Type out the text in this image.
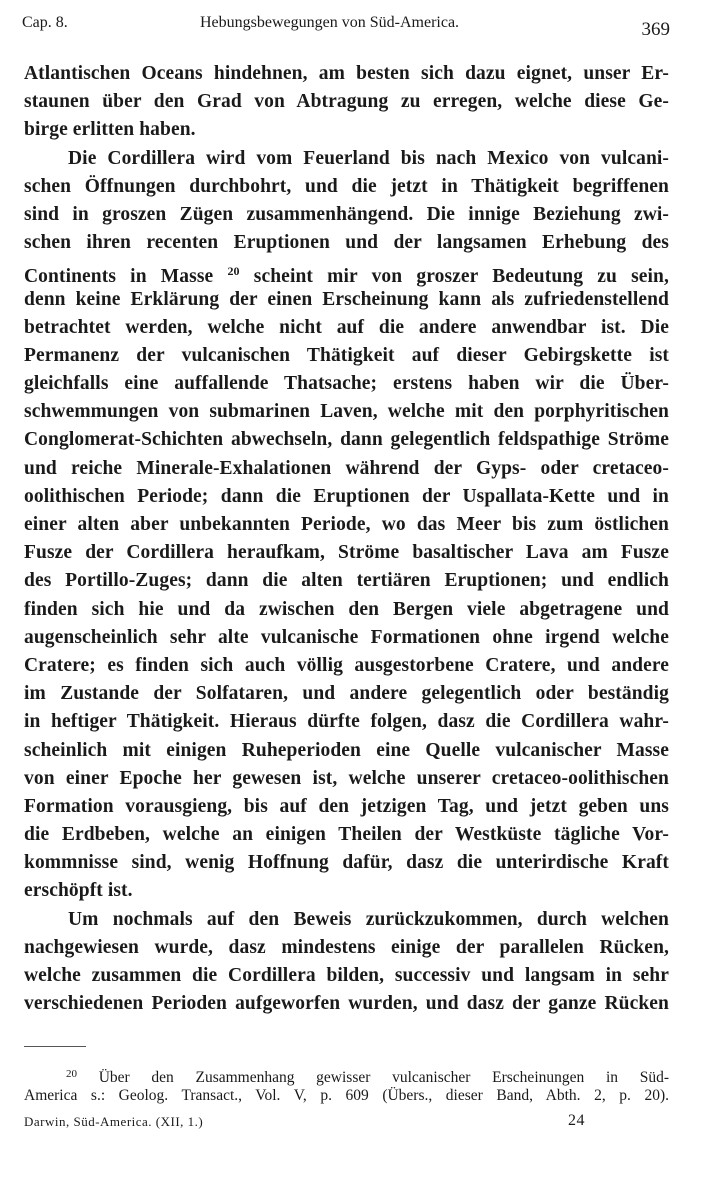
Cap. 8.	Hebungsbewegungen von Süd-America.	369
Atlantischen Oceans hindehnen, am besten sich dazu eignet, unser Er-
staunen über den Grad von Abtragung zu erregen, welche diese Ge-
birge erlitten haben.
Die Cordillera wird vom Feuerland bis nach Mexico von vulcani-
schen Öffnungen durchbohrt, und die jetzt in Thätigkeit begriffenen
sind in groszen Zügen zusammenhängend. Die innige Beziehung zwi-
schen ihren recenten Eruptionen und der langsamen Erhebung des
Continents in Masse $^{20}$ scheint mir von groszer Bedeutung zu sein,
denn keine Erklärung der einen Erscheinung kann als zufriedenstellend
betrachtet werden, welche nicht auf die andere anwendbar ist. Die
Permanenz der vulcanischen Thätigkeit auf dieser Gebirgskette ist
gleichfalls eine auffallende Thatsache; erstens haben wir die Über-
schwemmungen von submarinen Laven, welche mit den porphyritischen
Conglomerat-Schichten abwechseln, dann gelegentlich feldspathige Ströme
und reiche Minerale-Exhalationen während der Gyps- oder cretaceo-
oolithischen Periode; dann die Eruptionen der Uspallata-Kette und in
einer alten aber unbekannten Periode, wo das Meer bis zum östlichen
Fusze der Cordillera heraufkam, Ströme basaltischer Lava am Fusze
des Portillo-Zuges; dann die alten tertiären Eruptionen; und endlich
finden sich hie und da zwischen den Bergen viele abgetragene und
augenscheinlich sehr alte vulcanische Formationen ohne irgend welche
Cratere; es finden sich auch völlig ausgestorbene Cratere, und andere
im Zustande der Solfataren, und andere gelegentlich oder beständig
in heftiger Thätigkeit. Hieraus dürfte folgen, dasz die Cordillera wahr-
scheinlich mit einigen Ruheperioden eine Quelle vulcanischer Masse
von einer Epoche her gewesen ist, welche unserer cretaceo-oolithischen
Formation vorausgieng, bis auf den jetzigen Tag, und jetzt geben uns
die Erdbeben, welche an einigen Theilen der Westküste tägliche Vor-
kommnisse sind, wenig Hoffnung dafür, dasz die unterirdische Kraft
erschöpft ist.
Um nochmals auf den Beweis zurückzukommen, durch welchen
nachgewiesen wurde, dasz mindestens einige der parallelen Rücken,
welche zusammen die Cordillera bilden, successiv und langsam in sehr
verschiedenen Perioden aufgeworfen wurden, und dasz der ganze Rücken
$^{20}$ Über den Zusammenhang gewisser vulcanischer Erscheinungen in Süd-
America s.: Geolog. Transact., Vol. V, p. 609 (Übers., dieser Band, Abth. 2, p. 20).
Darwin, Süd-America. (XII, 1.)	24
